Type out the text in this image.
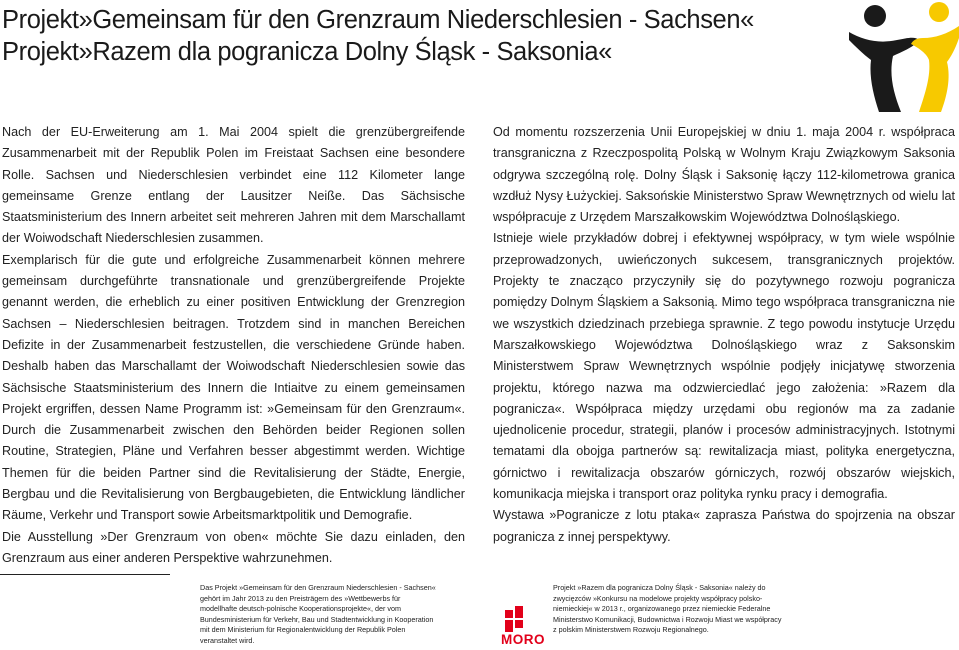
Projekt»Gemeinsam für den Grenzraum Niederschlesien - Sachsen«
Projekt»Razem dla pogranicza Dolny Śląsk - Saksonia«

Nach der EU-Erweiterung am 1. Mai 2004 spielt die grenzübergreifende Zusammenarbeit mit der Republik Polen im Freistaat Sachsen eine besondere Rolle. Sachsen und Niederschlesien verbindet eine 112 Kilometer lange gemeinsame Grenze entlang der Lausitzer Neiße. Das Sächsische Staatsministerium des Innern arbeitet seit mehreren Jahren mit dem Marschallamt der Woiwodschaft Niederschlesien zusammen.

Exemplarisch für die gute und erfolgreiche Zusammenarbeit können mehrere gemeinsam durchgeführte transnationale und grenzübergreifende Projekte genannt werden, die erheblich zu einer positiven Entwicklung der Grenzregion Sachsen – Niederschlesien beitragen. Trotzdem sind in manchen Bereichen Defizite in der Zusammenarbeit festzustellen, die verschiedene Gründe haben. Deshalb haben das Marschallamt der Woiwodschaft Niederschlesien sowie das Sächsische Staatsministerium des Innern die Intiaitve zu einem gemeinsamen Projekt ergriffen, dessen Name Programm ist: »Gemeinsam für den Grenzraum«. Durch die Zusammenarbeit zwischen den Behörden beider Regionen sollen Routine, Strategien, Pläne und Verfahren besser abgestimmt werden. Wichtige Themen für die beiden Partner sind die Revitalisierung der Städte, Energie, Bergbau und die Revitalisierung von Bergbaugebieten, die Entwicklung ländlicher Räume, Verkehr und Transport sowie Arbeitsmarktpolitik und Demografie.

Die Ausstellung »Der Grenzraum von oben« möchte Sie dazu einladen, den Grenzraum aus einer anderen Perspektive wahrzunehmen.

Od momentu rozszerzenia Unii Europejskiej w dniu 1. maja 2004 r. współpraca transgraniczna z Rzeczpospolitą Polską w Wolnym Kraju Związkowym Saksonia odgrywa szczególną rolę. Dolny Śląsk i Saksonię łączy 112-kilometrowa granica wzdłuż Nysy Łużyckiej. Saksońskie Ministerstwo Spraw Wewnętrznych od wielu lat współpracuje z Urzędem Marszałkowskim Województwa Dolnośląskiego.

Istnieje wiele przykładów dobrej i efektywnej współpracy, w tym wiele wspólnie przeprowadzonych, uwieńczonych sukcesem, transgranicznych projektów. Projekty te znacząco przyczyniły się do pozytywnego rozwoju pogranicza pomiędzy Dolnym Śląskiem a Saksonią. Mimo tego współpraca transgraniczna nie we wszystkich dziedzinach przebiega sprawnie. Z tego powodu instytucje Urzędu Marszałkowskiego Województwa Dolnośląskiego wraz z Saksonskim Ministerstwem Spraw Wewnętrznych wspólnie podjęły inicjatywę stworzenia projektu, którego nazwa ma odzwierciedlać jego założenia: »Razem dla pogranicza«. Współpraca między urzędami obu regionów ma za zadanie ujednolicenie procedur, strategii, planów i procesów administracyjnych. Istotnymi tematami dla obojga partnerów są: rewitalizacja miast, polityka energetyczna, górnictwo i rewitalizacja obszarów górniczych, rozwój obszarów wiejskich, komunikacja miejska i transport oraz polityka rynku pracy i demografia.

Wystawa »Pogranicze z lotu ptaka« zaprasza Państwa do spojrzenia na obszar pogranicza z innej perspektywy.

Das Projekt »Gemeinsam für den Grenzraum Niederschlesien - Sachsen« gehört im Jahr 2013 zu den Preisträgern des »Wettbewerbs für modellhafte deutsch-polnische Kooperationsprojekte«, der vom Bundesministerium für Verkehr, Bau und Stadtentwicklung in Kooperation mit dem Ministerium für Regionalentwicklung der Republik Polen veranstaltet wird.	MORO

Projekt »Razem dla pogranicza Dolny Śląsk - Saksonia« należy do zwycięzców »Konkursu na modelowe projekty współpracy polsko-niemieckiej« w 2013 r., organizowanego przez niemieckie Federalne Ministerstwo Komunikacji, Budownictwa i Rozwoju Miast we współpracy z polskim Ministerstwem Rozwoju Regionalnego.
